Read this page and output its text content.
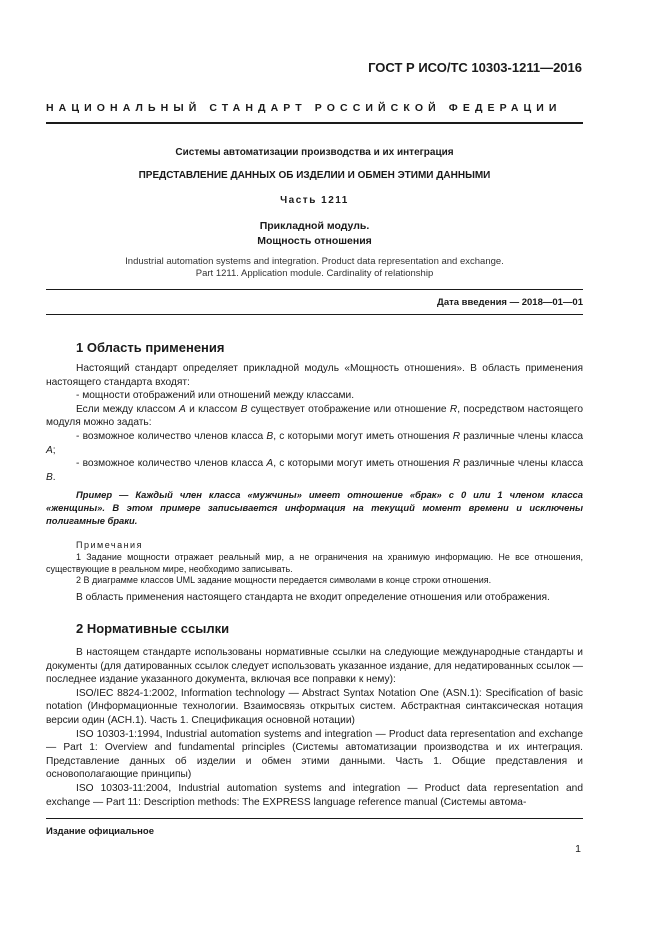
ГОСТ Р ИСО/ТС 10303-1211—2016
НАЦИОНАЛЬНЫЙ СТАНДАРТ РОССИЙСКОЙ ФЕДЕРАЦИИ
Системы автоматизации производства и их интеграция
ПРЕДСТАВЛЕНИЕ ДАННЫХ ОБ ИЗДЕЛИИ И ОБМЕН ЭТИМИ ДАННЫМИ
Часть 1211
Прикладной модуль.
Мощность отношения
Industrial automation systems and integration. Product data representation and exchange.
Part 1211. Application module. Cardinality of relationship
Дата введения — 2018—01—01
1 Область применения

Настоящий стандарт определяет прикладной модуль «Мощность отношения». В область применения настоящего стандарта входят:

- мощности отображений или отношений между классами.

Если между классом A и классом B существует отображение или отношение R, посредством настоящего модуля можно задать:

- возможное количество членов класса B, с которыми могут иметь отношения R различные члены класса A;

- возможное количество членов класса A, с которыми могут иметь отношения R различные члены класса B.

Пример — Каждый член класса «мужчины» имеет отношение «брак» с 0 или 1 членом класса «женщины». В этом примере записывается информация на текущий момент времени и исключены полигамные браки.

Примечания

1 Задание мощности отражает реальный мир, а не ограничения на хранимую информацию. Не все отношения, существующие в реальном мире, необходимо записывать.

2 В диаграмме классов UML задание мощности передается символами в конце строки отношения.

В область применения настоящего стандарта не входит определение отношения или отображения.

2 Нормативные ссылки

В настоящем стандарте использованы нормативные ссылки на следующие международные стандарты и документы (для датированных ссылок следует использовать указанное издание, для недатированных ссылок — последнее издание указанного документа, включая все поправки к нему):

ISO/IEC 8824-1:2002, Information technology — Abstract Syntax Notation One (ASN.1): Specification of basic notation (Информационные технологии. Взаимосвязь открытых систем. Абстрактная синтаксическая нотация версии один (АСН.1). Часть 1. Спецификация основной нотации)

ISO 10303-1:1994, Industrial automation systems and integration — Product data representation and exchange — Part 1: Overview and fundamental principles (Системы автоматизации производства и их интеграция. Представление данных об изделии и обмен этими данными. Часть 1. Общие представления и основополагающие принципы)

ISO 10303-11:2004, Industrial automation systems and integration — Product data representation and exchange — Part 11: Description methods: The EXPRESS language reference manual (Системы автома-

Издание официальное
1
